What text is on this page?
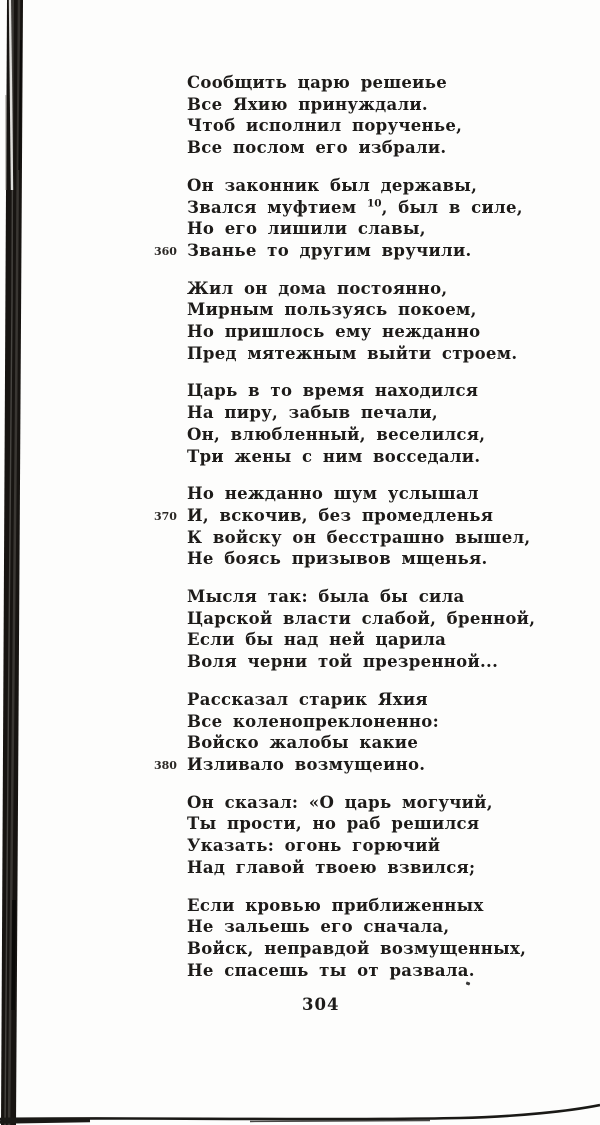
Сообщить царю решеиье
Все Яхию принуждали.
Чтоб исполнил порученье,
Все послом его избрали.
Он законник был державы,
Звался муфтием $^{10}$, был в силе,
Но его лишили славы,
360 Званье то другим вручили.
Жил он дома постоянно,
Мирным пользуясь покоем,
Но пришлось ему нежданно
Пред мятежным выйти строем.
Царь в то время находился
На пиру, забыв печали,
Он, влюбленный, веселился,
Три жены с ним восседали.
Но нежданно шум услышал
370 И, вскочив, без промедленья
К войску он бесстрашно вышел,
Не боясь призывов мщенья.
Мысля так: была бы сила
Царской власти слабой, бренной,
Если бы над ней царила
Воля черни той презренной...
Рассказал старик Яхия
Все коленопреклоненно:
Войско жалобы какие
380 Изливало возмущеино.
Он сказал: «О царь могучий,
Ты прости, но раб решился
Указать: огонь горючий
Над главой твоею взвился;
Если кровью приближенных
Не зальешь его сначала,
Войск, неправдой возмущенных,
Не спасешь ты от развала.
304
